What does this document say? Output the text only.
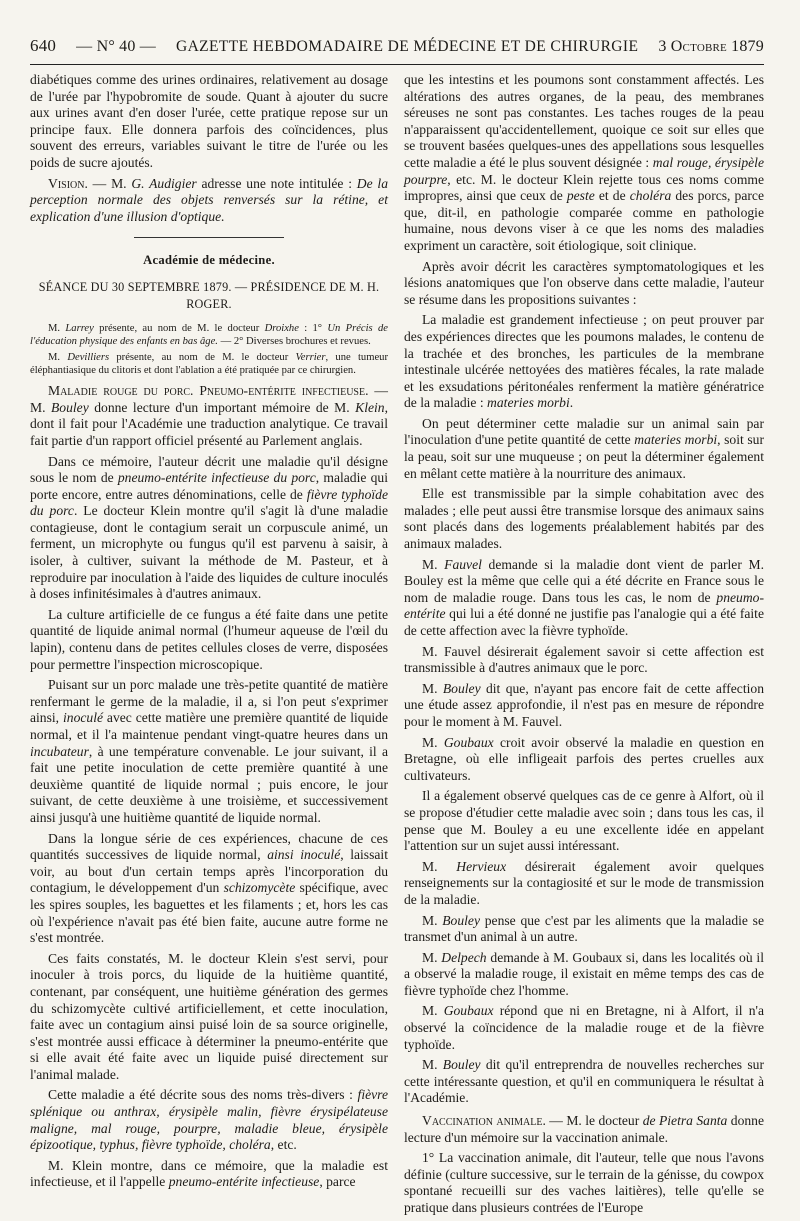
640 — N° 40 — GAZETTE HEBDOMADAIRE DE MÉDECINE ET DE CHIRURGIE 3 Octobre 1879

diabétiques comme des urines ordinaires, relativement au dosage de l'urée par l'hypobromite de soude. Quant à ajouter du sucre aux urines avant d'en doser l'urée, cette pratique repose sur un principe faux. Elle donnera parfois des coïncidences, plus souvent des erreurs, variables suivant le titre de l'urée ou les poids de sucre ajoutés.

Vision. — M. G. Audigier adresse une note intitulée : De la perception normale des objets renversés sur la rétine, et explication d'une illusion d'optique.

Académie de médecine.
SÉANCE DU 30 SEPTEMBRE 1879. — PRÉSIDENCE DE M. H. ROGER.

M. Larrey présente, au nom de M. le docteur Droixhe : 1° Un Précis de l'éducation physique des enfants en bas âge. — 2° Diverses brochures et revues.

M. Devilliers présente, au nom de M. le docteur Verrier, une tumeur éléphantiasique du clitoris et dont l'ablation a été pratiquée par ce chirurgien.

Maladie rouge du porc. Pneumo-entérite infectieuse. — M. Bouley donne lecture d'un important mémoire de M. Klein, dont il fait pour l'Académie une traduction analytique. Ce travail fait partie d'un rapport officiel présenté au Parlement anglais.

Dans ce mémoire, l'auteur décrit une maladie qu'il désigne sous le nom de pneumo-entérite infectieuse du porc, maladie qui porte encore, entre autres dénominations, celle de fièvre typhoïde du porc. Le docteur Klein montre qu'il s'agit là d'une maladie contagieuse, dont le contagium serait un corpuscule animé, un ferment, un microphyte ou fungus qu'il est parvenu à saisir, à isoler, à cultiver, suivant la méthode de M. Pasteur, et à reproduire par inoculation à l'aide des liquides de culture inoculés à doses infinitésimales à d'autres animaux.

La culture artificielle de ce fungus a été faite dans une petite quantité de liquide animal normal (l'humeur aqueuse de l'œil du lapin), contenu dans de petites cellules closes de verre, disposées pour permettre l'inspection microscopique.

Puisant sur un porc malade une très-petite quantité de matière renfermant le germe de la maladie, il a, si l'on peut s'exprimer ainsi, inoculé avec cette matière une première quantité de liquide normal, et il l'a maintenue pendant vingt-quatre heures dans un incubateur, à une température convenable. Le jour suivant, il a fait une petite inoculation de cette première quantité à une deuxième quantité de liquide normal ; puis encore, le jour suivant, de cette deuxième à une troisième, et successivement ainsi jusqu'à une huitième quantité de liquide normal.

Dans la longue série de ces expériences, chacune de ces quantités successives de liquide normal, ainsi inoculé, laissait voir, au bout d'un certain temps après l'incorporation du contagium, le développement d'un schizomycète spécifique, avec les spires souples, les baguettes et les filaments ; et, hors les cas où l'expérience n'avait pas été bien faite, aucune autre forme ne s'est montrée.

Ces faits constatés, M. le docteur Klein s'est servi, pour inoculer à trois porcs, du liquide de la huitième quantité, contenant, par conséquent, une huitième génération des germes du schizomycète cultivé artificiellement, et cette inoculation, faite avec un contagium ainsi puisé loin de sa source originelle, s'est montrée aussi efficace à déterminer la pneumo-entérite que si elle avait été faite avec un liquide puisé directement sur l'animal malade.

Cette maladie a été décrite sous des noms très-divers : fièvre splénique ou anthrax, érysipèle malin, fièvre érysipélateuse maligne, mal rouge, pourpre, maladie bleue, érysipèle épizootique, typhus, fièvre typhoïde, choléra, etc.

M. Klein montre, dans ce mémoire, que la maladie est infectieuse, et il l'appelle pneumo-entérite infectieuse, parce

que les intestins et les poumons sont constamment affectés. Les altérations des autres organes, de la peau, des membranes séreuses ne sont pas constantes. Les taches rouges de la peau n'apparaissent qu'accidentellement, quoique ce soit sur elles que se trouvent basées quelques-unes des appellations sous lesquelles cette maladie a été le plus souvent désignée : mal rouge, érysipèle pourpre, etc. M. le docteur Klein rejette tous ces noms comme impropres, ainsi que ceux de peste et de choléra des porcs, parce que, dit-il, en pathologie comparée comme en pathologie humaine, nous devons viser à ce que les noms des maladies expriment un caractère, soit étiologique, soit clinique.

Après avoir décrit les caractères symptomatologiques et les lésions anatomiques que l'on observe dans cette maladie, l'auteur se résume dans les propositions suivantes :

La maladie est grandement infectieuse ; on peut prouver par des expériences directes que les poumons malades, le contenu de la trachée et des bronches, les particules de la membrane intestinale ulcérée nettoyées des matières fécales, la rate malade et les exsudations péritonéales renferment la matière génératrice de la maladie : materies morbi.

On peut déterminer cette maladie sur un animal sain par l'inoculation d'une petite quantité de cette materies morbi, soit sur la peau, soit sur une muqueuse ; on peut la déterminer également en mêlant cette matière à la nourriture des animaux.

Elle est transmissible par la simple cohabitation avec des malades ; elle peut aussi être transmise lorsque des animaux sains sont placés dans des logements préalablement habités par des animaux malades.

M. Fauvel demande si la maladie dont vient de parler M. Bouley est la même que celle qui a été décrite en France sous le nom de maladie rouge. Dans tous les cas, le nom de pneumo-entérite qui lui a été donné ne justifie pas l'analogie qui a été faite de cette affection avec la fièvre typhoïde.

M. Fauvel désirerait également savoir si cette affection est transmissible à d'autres animaux que le porc.

M. Bouley dit que, n'ayant pas encore fait de cette affection une étude assez approfondie, il n'est pas en mesure de répondre pour le moment à M. Fauvel.

M. Goubaux croit avoir observé la maladie en question en Bretagne, où elle infligeait parfois des pertes cruelles aux cultivateurs.

Il a également observé quelques cas de ce genre à Alfort, où il se propose d'étudier cette maladie avec soin ; dans tous les cas, il pense que M. Bouley a eu une excellente idée en appelant l'attention sur un sujet aussi intéressant.

M. Hervieux désirerait également avoir quelques renseignements sur la contagiosité et sur le mode de transmission de la maladie.

M. Bouley pense que c'est par les aliments que la maladie se transmet d'un animal à un autre.

M. Delpech demande à M. Goubaux si, dans les localités où il a observé la maladie rouge, il existait en même temps des cas de fièvre typhoïde chez l'homme.

M. Goubaux répond que ni en Bretagne, ni à Alfort, il n'a observé la coïncidence de la maladie rouge et de la fièvre typhoïde.

M. Bouley dit qu'il entreprendra de nouvelles recherches sur cette intéressante question, et qu'il en communiquera le résultat à l'Académie.

Vaccination animale. — M. le docteur de Pietra Santa donne lecture d'un mémoire sur la vaccination animale.

1° La vaccination animale, dit l'auteur, telle que nous l'avons définie (culture successive, sur le terrain de la génisse, du cowpox spontané recueilli sur des vaches laitières), telle qu'elle se pratique dans plusieurs contrées de l'Europe
